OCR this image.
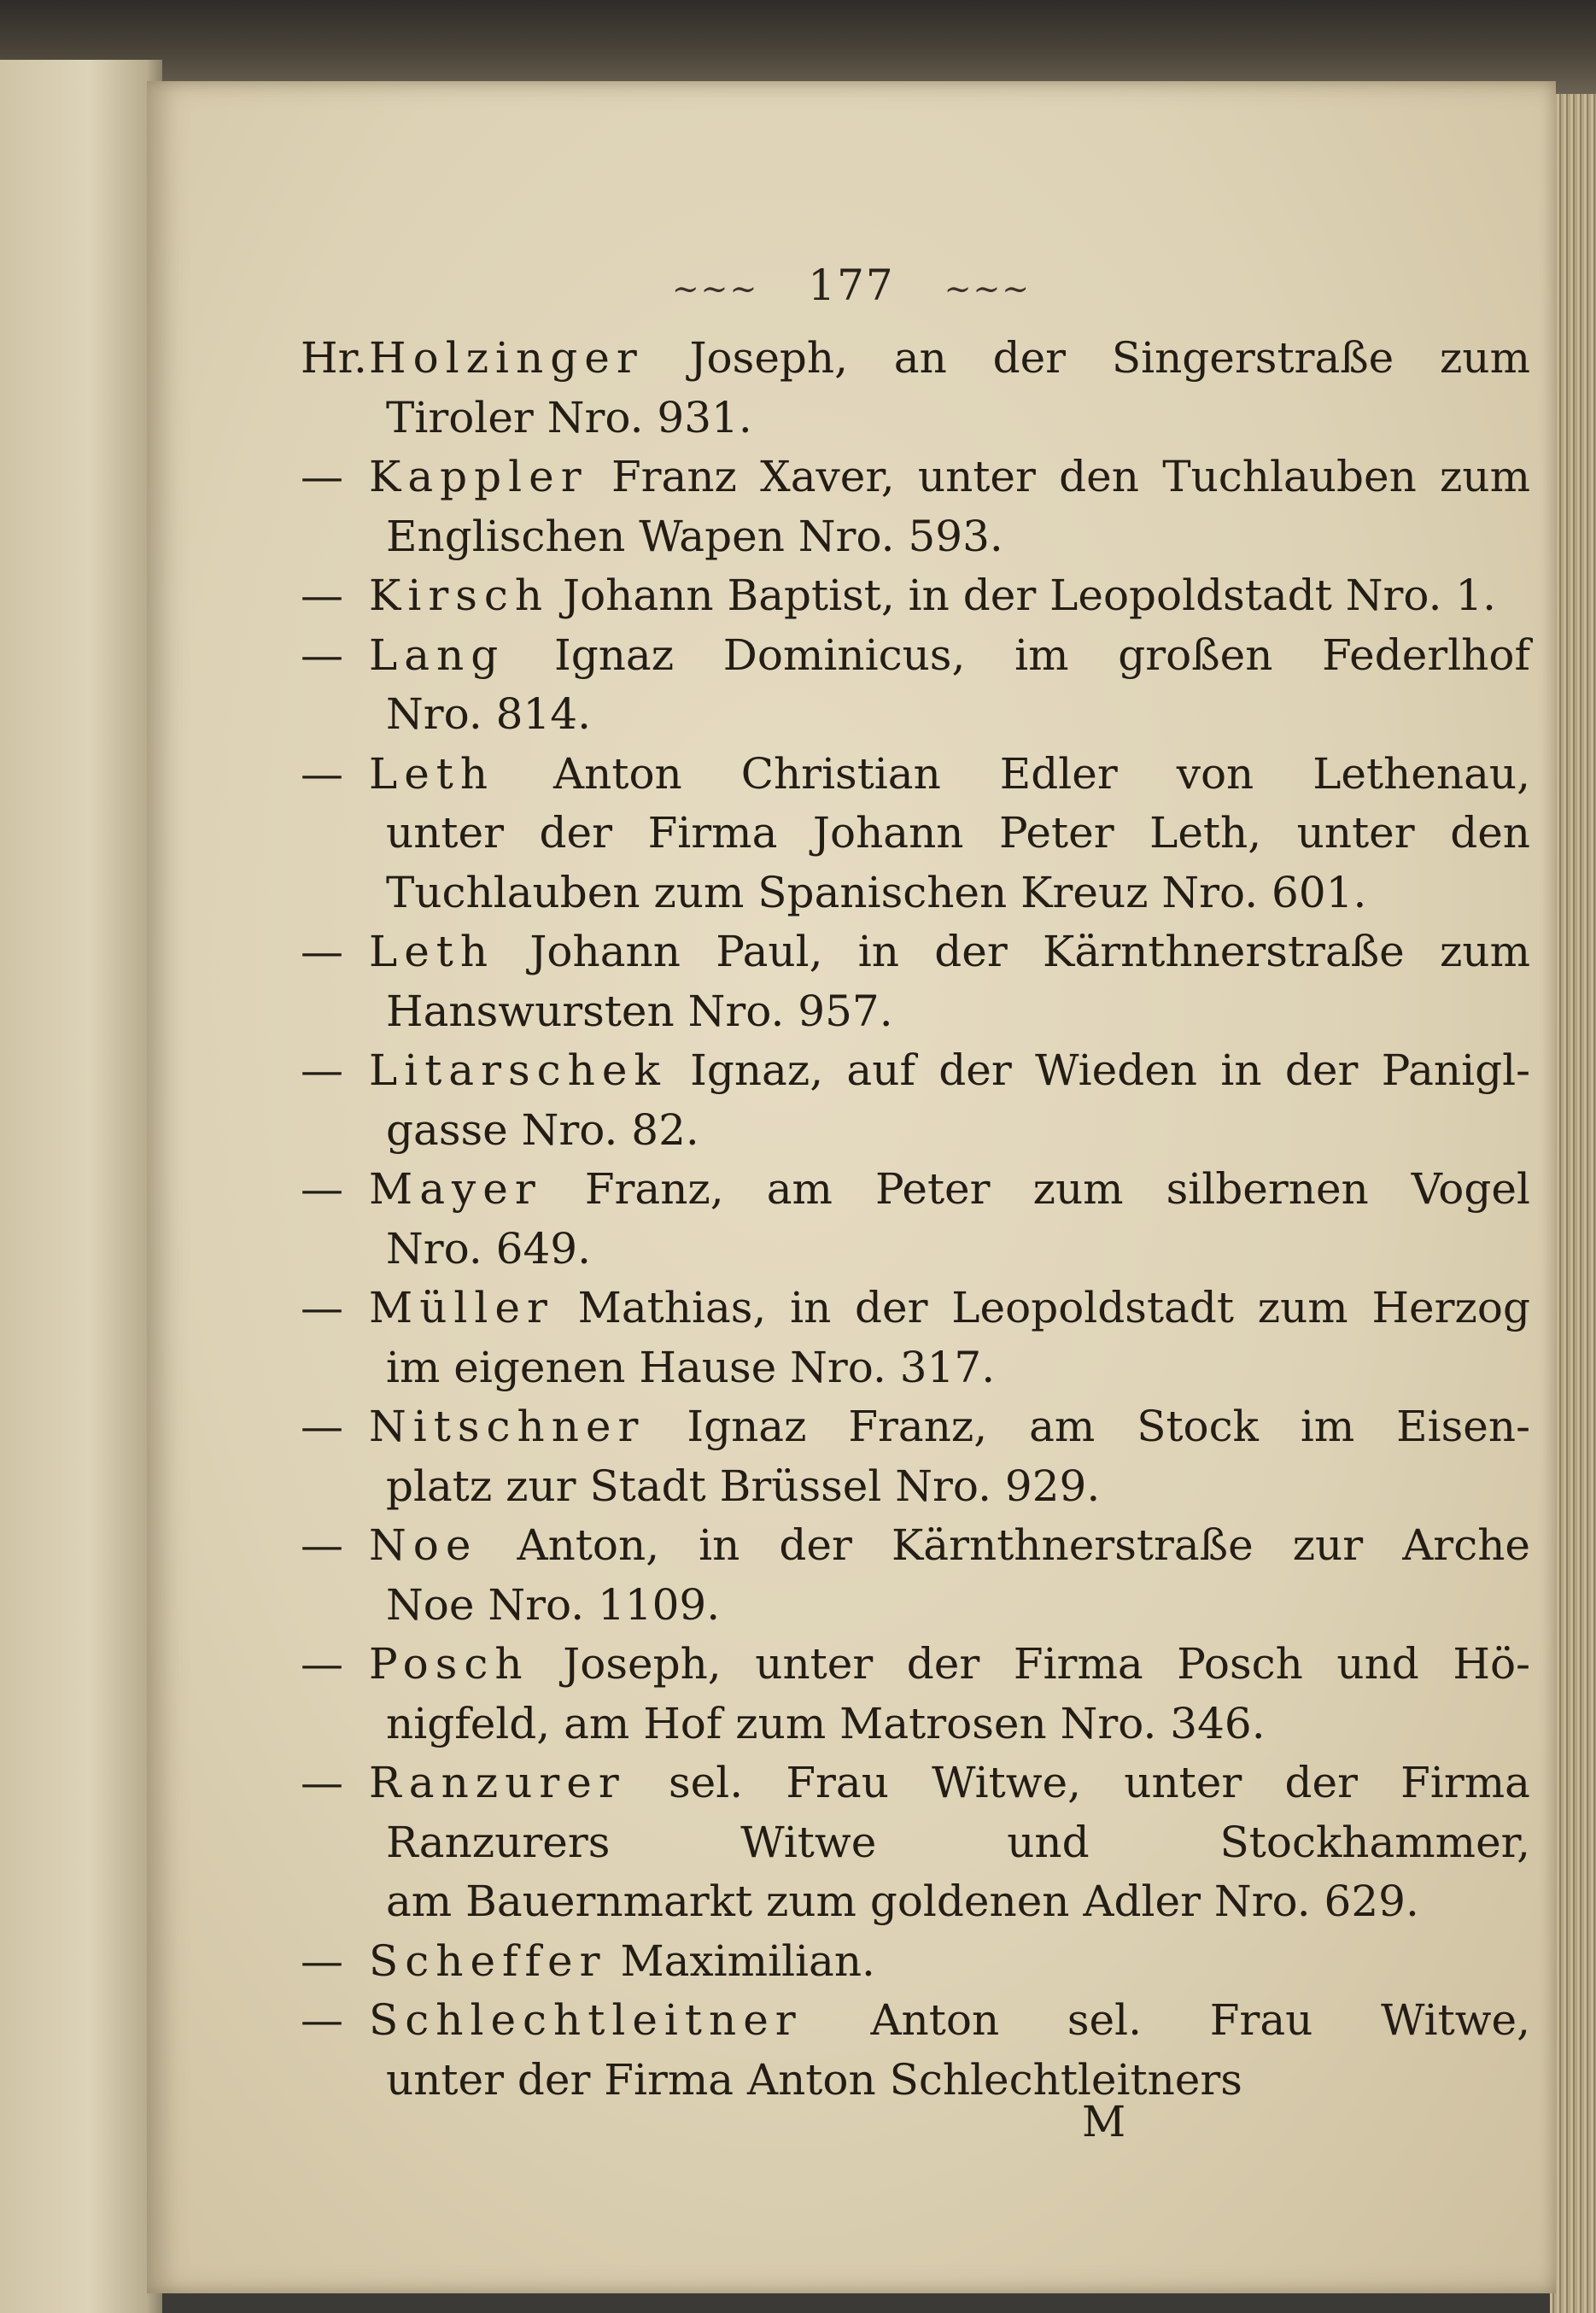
~~~ 177 ~~~
Hr.Holzinger Joseph, an der Singerstraße zum
Tiroler Nro. 931.
— Kappler Franz Xaver, unter den Tuchlauben zum
Englischen Wapen Nro. 593.
— Kirsch Johann Baptist, in der Leopoldstadt Nro. 1.
— Lang Ignaz Dominicus, im großen Federlhof
Nro. 814.
— Leth Anton Christian Edler von Lethenau,
unter der Firma Johann Peter Leth, unter den
Tuchlauben zum Spanischen Kreuz Nro. 601.
— Leth Johann Paul, in der Kärnthnerstraße zum
Hanswursten Nro. 957.
— Litarschek Ignaz, auf der Wieden in der Panigl-
gasse Nro. 82.
— Mayer Franz, am Peter zum silbernen Vogel
Nro. 649.
— Müller Mathias, in der Leopoldstadt zum Herzog
im eigenen Hause Nro. 317.
— Nitschner Ignaz Franz, am Stock im Eisen-
platz zur Stadt Brüssel Nro. 929.
— Noe Anton, in der Kärnthnerstraße zur Arche
Noe Nro. 1109.
— Posch Joseph, unter der Firma Posch und Hö-
nigfeld, am Hof zum Matrosen Nro. 346.
— Ranzurer sel. Frau Witwe, unter der Firma
Ranzurers Witwe und Stockhammer,
am Bauernmarkt zum goldenen Adler Nro. 629.
— Scheffer Maximilian.
— Schlechtleitner Anton sel. Frau Witwe,
unter der Firma Anton Schlechtleitners
M
